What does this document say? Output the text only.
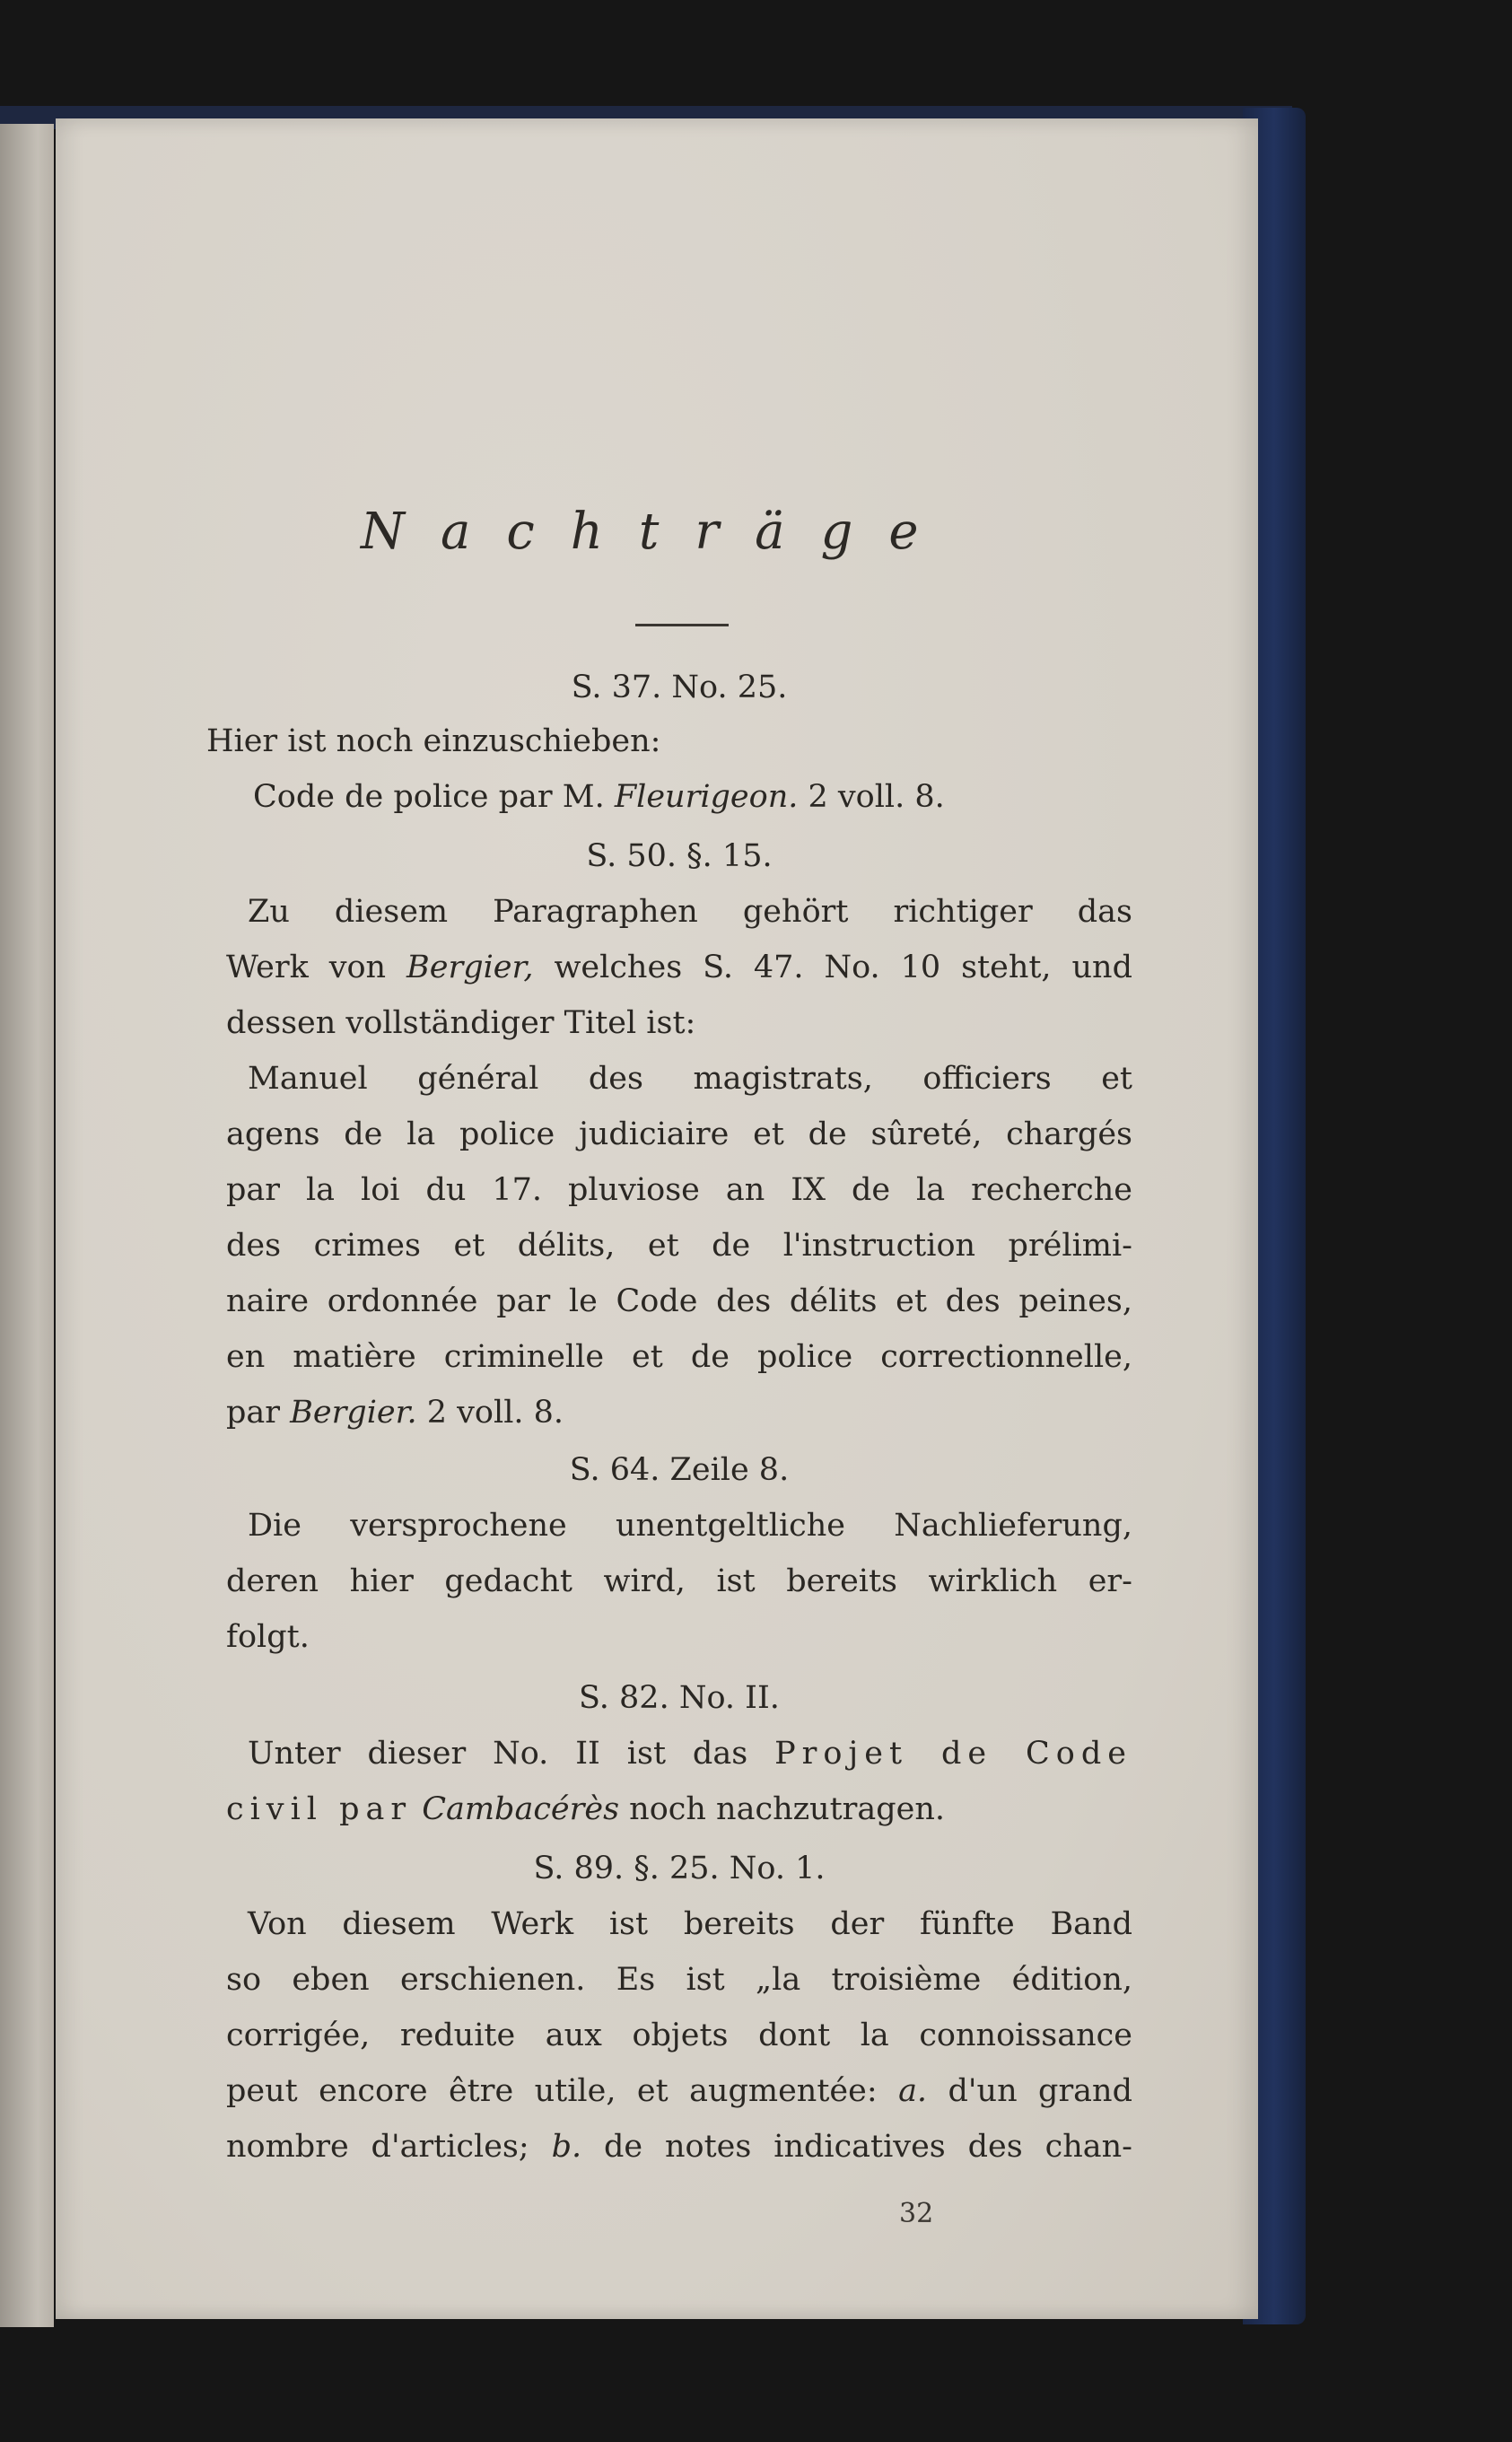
Nachträge
S. 37. No. 25.
Hier ist noch einzuschieben:
Code de police par M. Fleurigeon. 2 voll. 8.
S. 50. §. 15.
Zu diesem Paragraphen gehört richtiger das
Werk von Bergier, welches S. 47. No. 10 steht, und
dessen vollständiger Titel ist:
Manuel général des magistrats, officiers et
agens de la police judiciaire et de sûreté, chargés
par la loi du 17. pluviose an IX de la recherche
des crimes et délits, et de l'instruction prélimi-
naire ordonnée par le Code des délits et des peines,
en matière criminelle et de police correctionnelle,
par Bergier. 2 voll. 8.
S. 64. Zeile 8.
Die versprochene unentgeltliche Nachlieferung,
deren hier gedacht wird, ist bereits wirklich er-
folgt.
S. 82. No. II.
Unter dieser No. II ist das Projet de Code
civil par Cambacérès noch nachzutragen.
S. 89. §. 25. No. 1.
Von diesem Werk ist bereits der fünfte Band
so eben erschienen. Es ist „la troisième édition,
corrigée, reduite aux objets dont la connoissance
peut encore être utile, et augmentée: a. d'un grand
nombre d'articles; b. de notes indicatives des chan-
32
